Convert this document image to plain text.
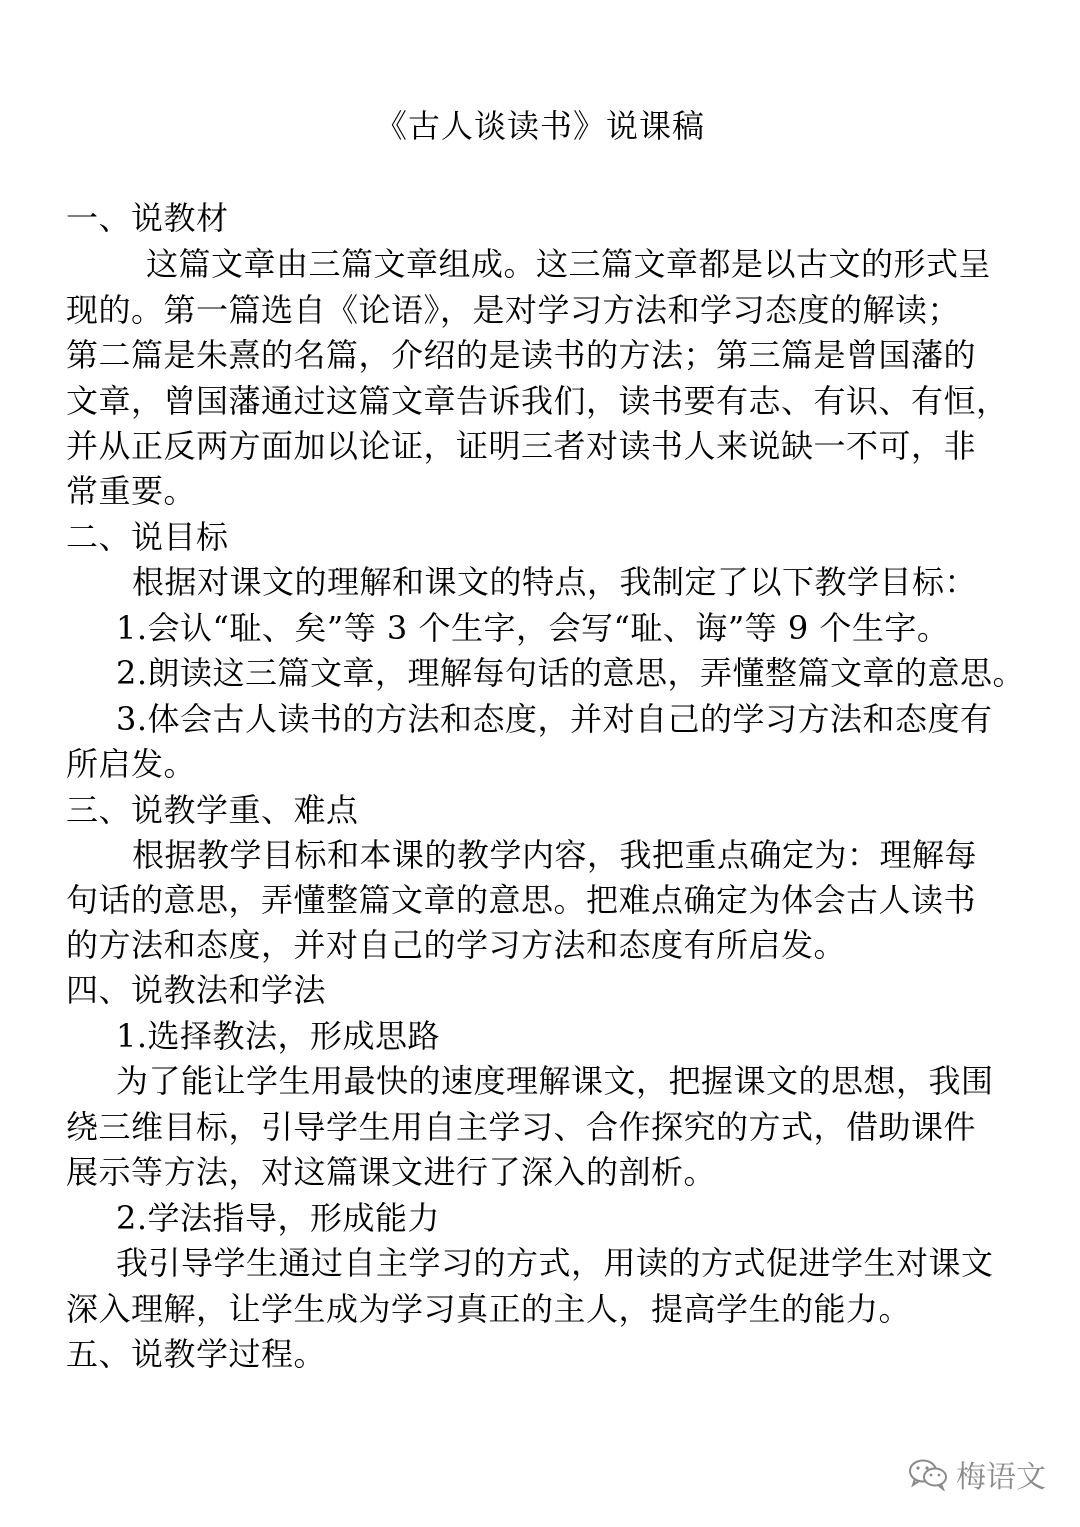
《古人谈读书》说课稿
一、说教材
这篇文章由三篇文章组成。这三篇文章都是以古文的形式呈
现的。第一篇选自《论语》，是对学习方法和学习态度的解读；
第二篇是朱熹的名篇，介绍的是读书的方法；第三篇是曾国藩的
文章，曾国藩通过这篇文章告诉我们，读书要有志、有识、有恒，
并从正反两方面加以论证，证明三者对读书人来说缺一不可，非
常重要。
二、说目标
根据对课文的理解和课文的特点，我制定了以下教学目标：
1.会认“耻、矣”等 3 个生字，会写“耻、诲”等 9 个生字。
2.朗读这三篇文章，理解每句话的意思，弄懂整篇文章的意思。
3.体会古人读书的方法和态度，并对自己的学习方法和态度有
所启发。
三、说教学重、难点
根据教学目标和本课的教学内容，我把重点确定为：理解每
句话的意思，弄懂整篇文章的意思。把难点确定为体会古人读书
的方法和态度，并对自己的学习方法和态度有所启发。
四、说教法和学法
1.选择教法，形成思路
为了能让学生用最快的速度理解课文，把握课文的思想，我围
绕三维目标，引导学生用自主学习、合作探究的方式，借助课件
展示等方法，对这篇课文进行了深入的剖析。
2.学法指导，形成能力
我引导学生通过自主学习的方式，用读的方式促进学生对课文
深入理解，让学生成为学习真正的主人，提高学生的能力。
五、说教学过程。
梅语文
